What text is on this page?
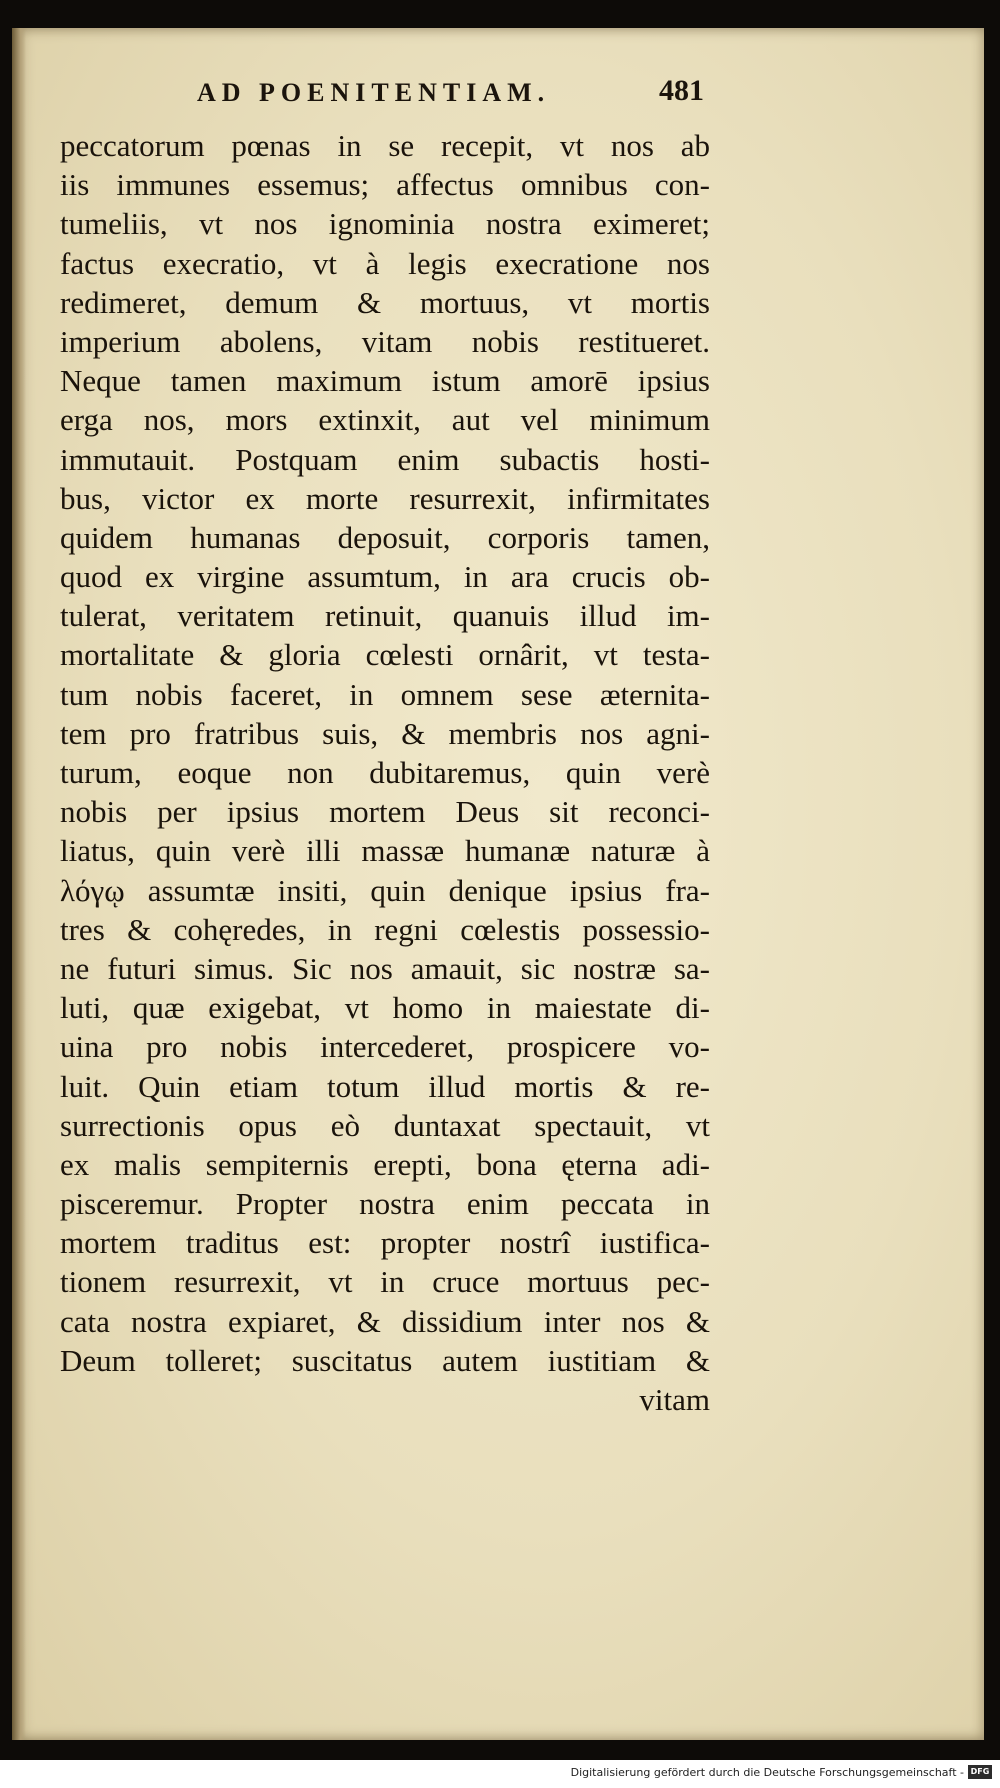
AD POENITENTIAM.	481
peccatorum pœnas in se recepit, vt nos ab
iis immunes essemus; affectus omnibus con-
tumeliis, vt nos ignominia nostra eximeret;
factus execratio, vt à legis execratione nos
redimeret, demum & mortuus, vt mortis
imperium abolens, vitam nobis restitueret.
Neque tamen maximum istum amorē ipsius
erga nos, mors extinxit, aut vel minimum
immutauit. Postquam enim subactis hosti-
bus, victor ex morte resurrexit, infirmitates
quidem humanas deposuit, corporis tamen,
quod ex virgine assumtum, in ara crucis ob-
tulerat, veritatem retinuit, quanuis illud im-
mortalitate & gloria cœlesti ornârit, vt testa-
tum nobis faceret, in omnem sese æternita-
tem pro fratribus suis, & membris nos agni-
turum, eoque non dubitaremus, quin verè
nobis per ipsius mortem Deus sit reconci-
liatus, quin verè illi massæ humanæ naturæ à
λόγῳ assumtæ insiti, quin denique ipsius fra-
tres & cohęredes, in regni cœlestis possessio-
ne futuri simus. Sic nos amauit, sic nostræ sa-
luti, quæ exigebat, vt homo in maiestate di-
uina pro nobis intercederet, prospicere vo-
luit. Quin etiam totum illud mortis & re-
surrectionis opus eò duntaxat spectauit, vt
ex malis sempiternis erepti, bona ęterna adi-
pisceremur. Propter nostra enim peccata in
mortem traditus est: propter nostrî iustifica-
tionem resurrexit, vt in cruce mortuus pec-
cata nostra expiaret, & dissidium inter nos &
Deum tolleret; suscitatus autem iustitiam &
vitam
Digitalisierung gefördert durch die Deutsche Forschungsgemeinschaft - DFG
